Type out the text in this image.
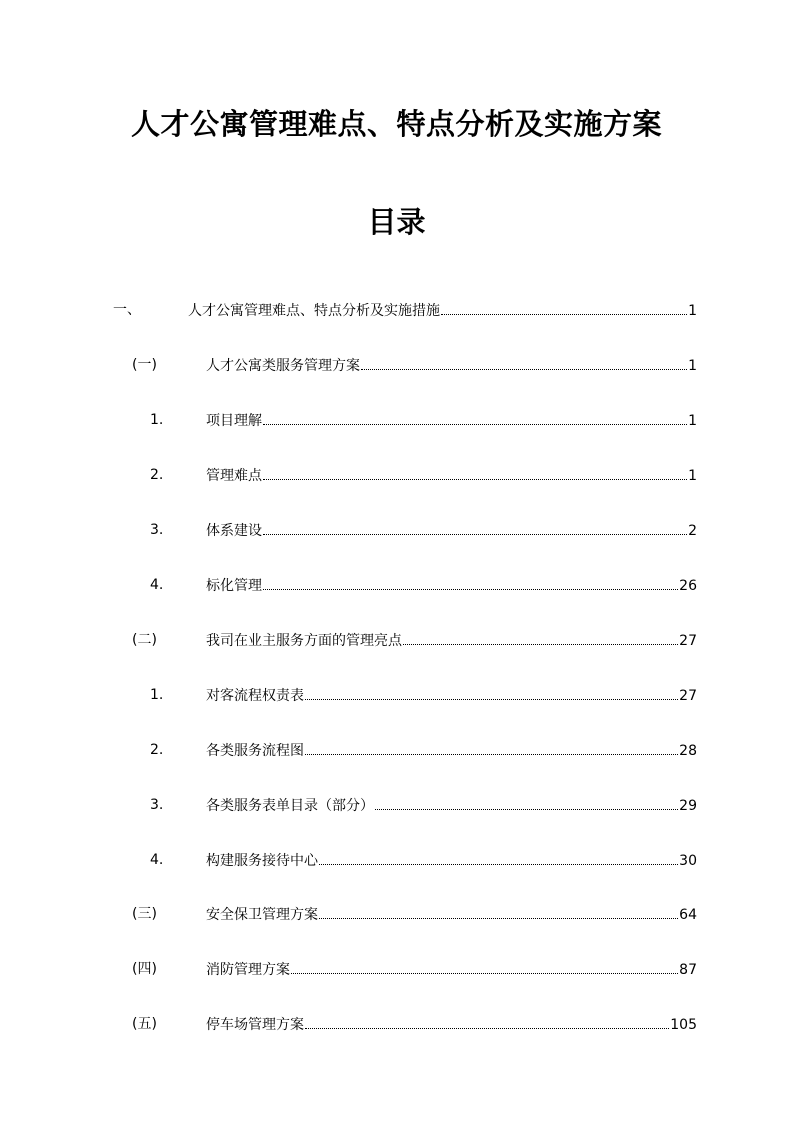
人才公寓管理难点、特点分析及实施方案
目录
一、	人才公寓管理难点、特点分析及实施措施	1
(一)	人才公寓类服务管理方案	1
1.	项目理解	1
2.	管理难点	1
3.	体系建设	2
4.	标化管理	26
(二)	我司在业主服务方面的管理亮点	27
1.	对客流程权责表	27
2.	各类服务流程图	28
3.	各类服务表单目录（部分）	29
4.	构建服务接待中心	30
(三)	安全保卫管理方案	64
(四)	消防管理方案	87
(五)	停车场管理方案	105
